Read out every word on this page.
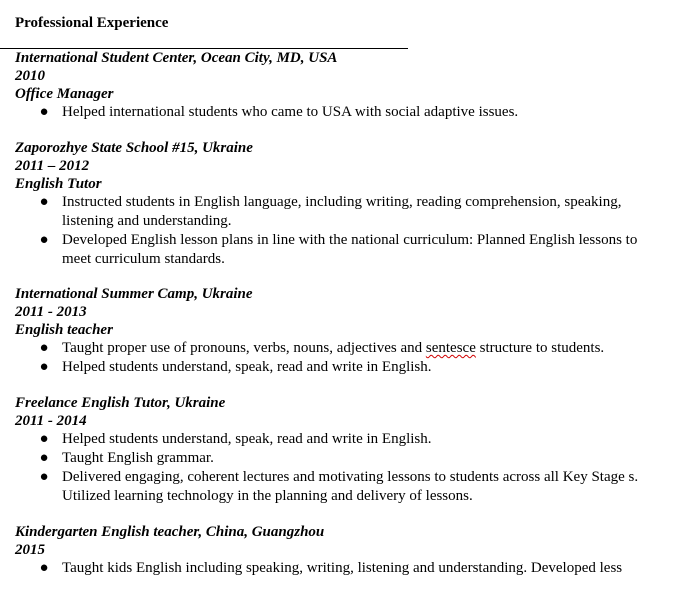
Professional Experience
International Student Center, Ocean City, MD, USA
2010
Office Manager
● Helped international students who came to USA with social adaptive issues.
Zaporozhye State School #15, Ukraine
2011 – 2012
English Tutor
● Instructed students in English language, including writing, reading comprehension, speaking, listening and understanding.
● Developed English lesson plans in line with the national curriculum: Planned English lessons to meet curriculum standards.
International Summer Camp, Ukraine
2011 - 2013
English teacher
● Taught proper use of pronouns, verbs, nouns, adjectives and sentesce structure to students.
● Helped students understand, speak, read and write in English.
Freelance English Tutor, Ukraine
2011 - 2014
● Helped students understand, speak, read and write in English.
● Taught English grammar.
● Delivered engaging, coherent lectures and motivating lessons to students across all Key Stage s. Utilized learning technology in the planning and delivery of lessons.
Kindergarten English teacher, China, Guangzhou
2015
● Taught kids English including speaking, writing, listening and understanding. Developed less
